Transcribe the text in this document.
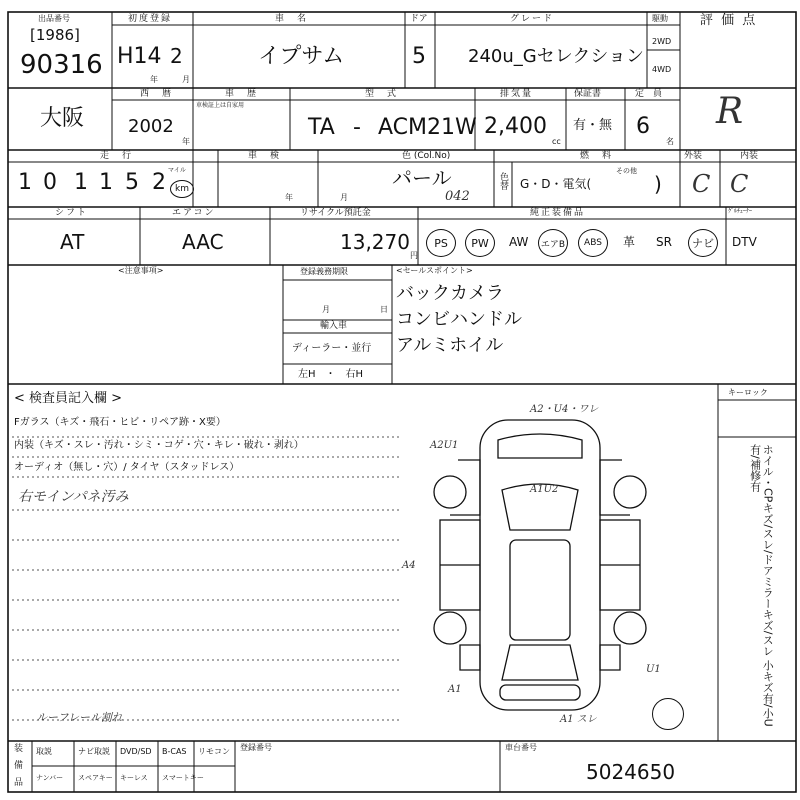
出品番号
[1986]
90316
初度登録
H14 2
年	月
車　名
イプサム
ドア
5
グレード
240u_Gセレクション
駆動
2WD
4WD
評 価 点
R
大阪
西　暦
2002
年
車　歴
車検証上は自家用
型　式
TA - ACM21W
排気量
2,400
cc
保証書
有・無
定　員
6
名
走　行
1 0 1 1 5 2 マイル
km
車　検
年	月
色 (Col.No)
パール
042
色替
燃　料
G・D・電気(
その他
)
外装
C
内装
C
シフト
AT
エアコン
AAC
リサイクル預託金
13,270
円
純正装備品	ｸﾞﾙﾁｭｰﾅｰ
PS	PW	AW	エアB	ABS	革 SR	ナビ	DTV
<注意事項>	登録義務期限
月	日
輸入車
ディーラー・並行
左H　・　右H
<セールスポイント>
バックカメラ
コンビハンドル
アルミホイル
< 検査員記入欄 >
Fガラス（キズ・飛石・ヒビ・リペア跡・X要）
内装（キズ・スレ・汚れ・シミ・コゲ・穴・キレ・破れ・剥れ）
オーディオ（無し・穴）/ タイヤ（スタッドレス）
右モインパネ汚み
ルーフレール割れ
キーロック
ホイル・CPキズ/スレ/ドアミラーキズ/スレ 小キズ有/小U有/補修有
A2・U4・ワレ
A2U1
A1U2
A4
A1
U1
A1 スレ
装
備
品
取説	ナビ取説 DVD/SD B-CAS リモコン
ナンバー スペアキー キーレス スマートキー
登録番号	車台番号
5024650
